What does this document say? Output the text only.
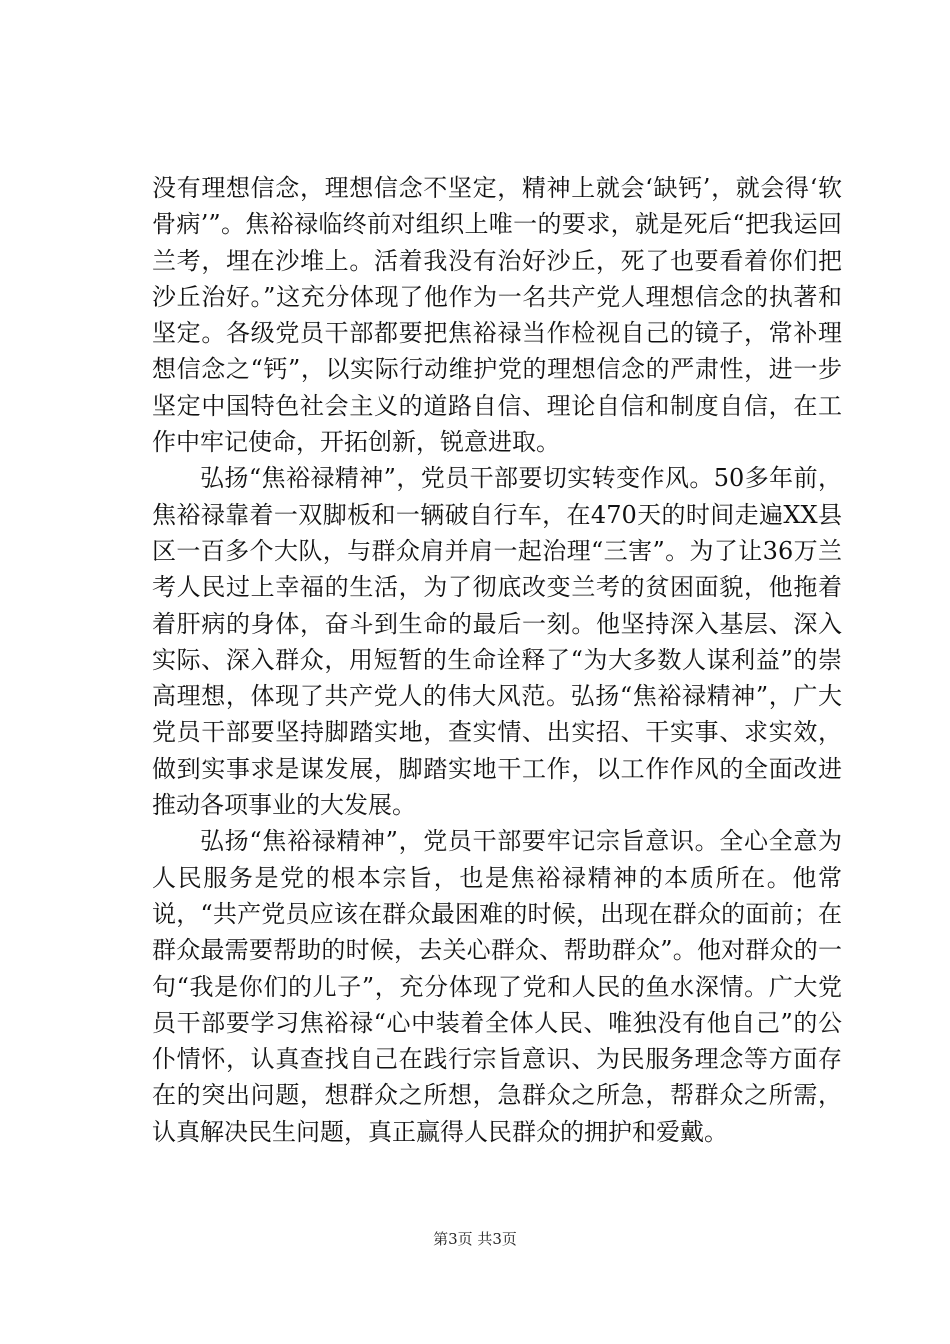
没有理想信念，理想信念不坚定，精神上就会‘缺钙’，就会得‘软骨病’”。焦裕禄临终前对组织上唯一的要求，就是死后“把我运回兰考，埋在沙堆上。活着我没有治好沙丘，死了也要看着你们把沙丘治好。”这充分体现了他作为一名共产党人理想信念的执著和坚定。各级党员干部都要把焦裕禄当作检视自己的镜子，常补理想信念之“钙”，以实际行动维护党的理想信念的严肃性，进一步坚定中国特色社会主义的道路自信、理论自信和制度自信，在工作中牢记使命，开拓创新，锐意进取。

弘扬“焦裕禄精神”，党员干部要切实转变作风。50多年前，焦裕禄靠着一双脚板和一辆破自行车，在470天的时间走遍XX县区一百多个大队，与群众肩并肩一起治理“三害”。为了让36万兰考人民过上幸福的生活，为了彻底改变兰考的贫困面貌，他拖着着肝病的身体，奋斗到生命的最后一刻。他坚持深入基层、深入实际、深入群众，用短暂的生命诠释了“为大多数人谋利益”的崇高理想，体现了共产党人的伟大风范。弘扬“焦裕禄精神”，广大党员干部要坚持脚踏实地，查实情、出实招、干实事、求实效，做到实事求是谋发展，脚踏实地干工作，以工作作风的全面改进推动各项事业的大发展。

弘扬“焦裕禄精神”，党员干部要牢记宗旨意识。全心全意为人民服务是党的根本宗旨，也是焦裕禄精神的本质所在。他常说，“共产党员应该在群众最困难的时候，出现在群众的面前；在群众最需要帮助的时候，去关心群众、帮助群众”。他对群众的一句“我是你们的儿子”，充分体现了党和人民的鱼水深情。广大党员干部要学习焦裕禄“心中装着全体人民、唯独没有他自己”的公仆情怀，认真查找自己在践行宗旨意识、为民服务理念等方面存在的突出问题，想群众之所想，急群众之所急，帮群众之所需，认真解决民生问题，真正赢得人民群众的拥护和爱戴。

第3页 共3页
